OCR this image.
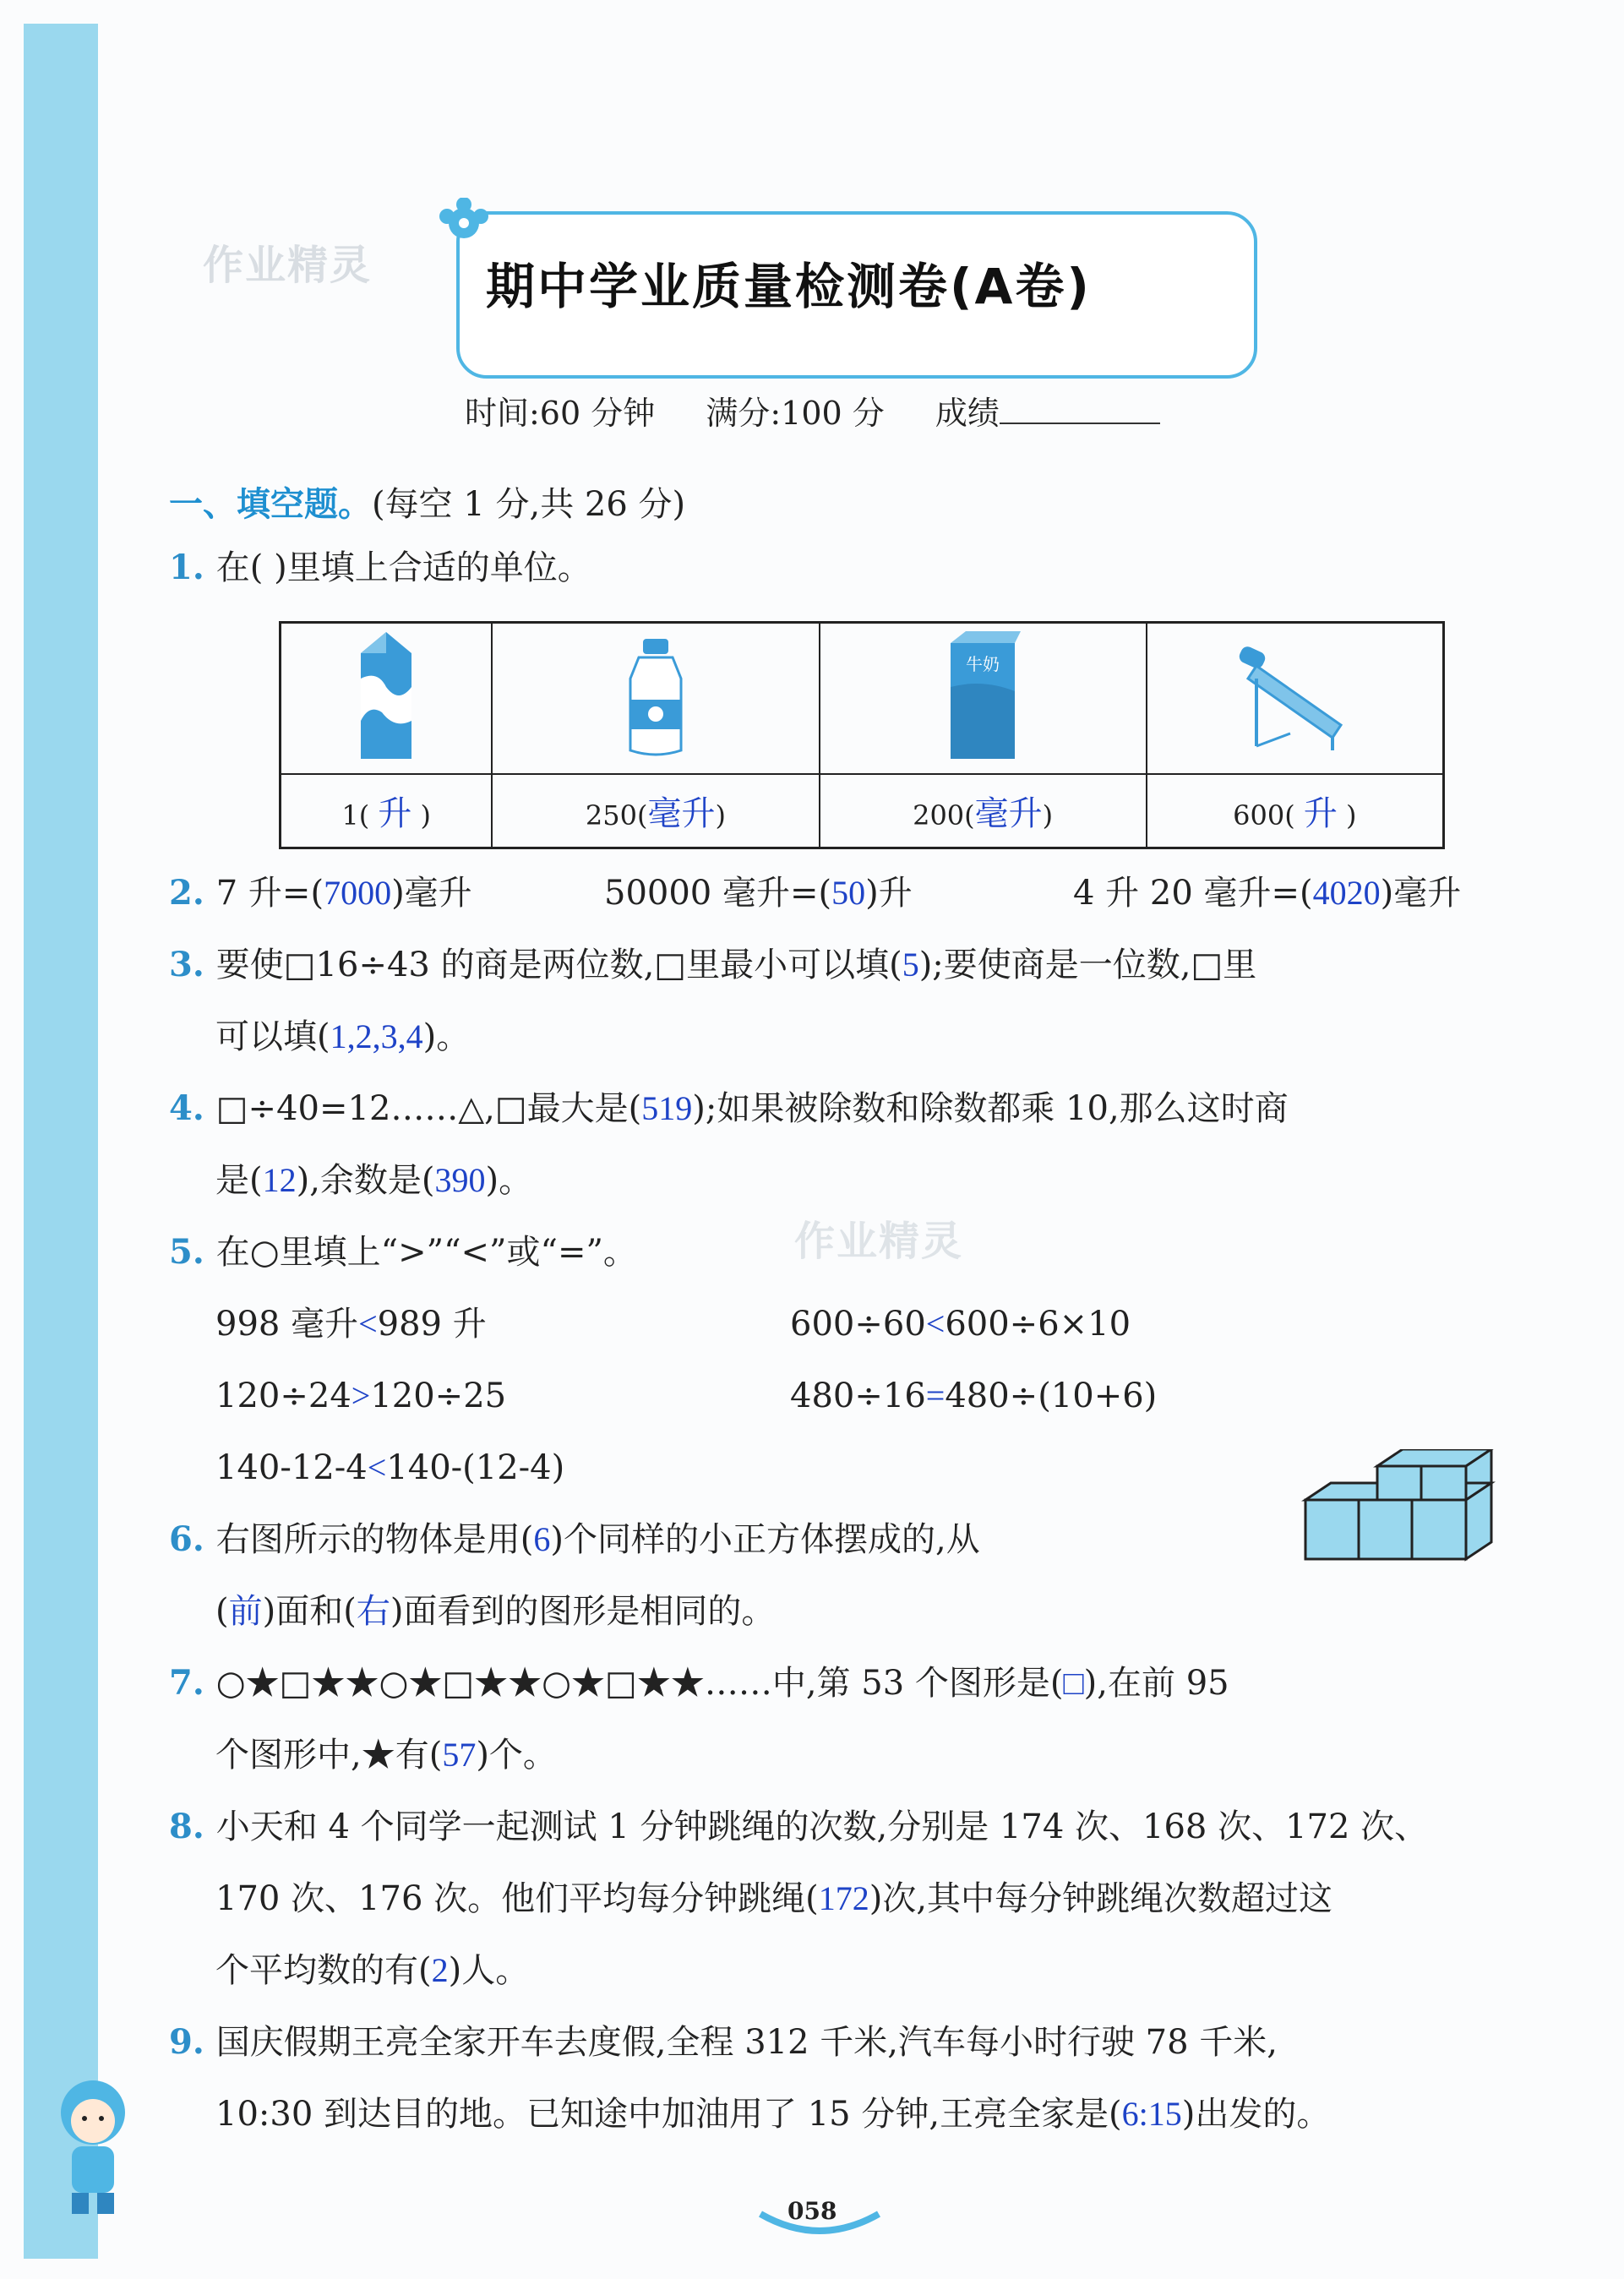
作业精灵
作业精灵
期中学业质量检测卷(A卷)
时间:60 分钟 满分:100 分 成绩
一、填空题。(每空 1 分,共 26 分)
1. 在( )里填上合适的单位。

牛奶

1( 升 )	250(毫升)	200(毫升)	600( 升 )
2. 7 升=(7000)毫升	50000 毫升=(50)升	4 升 20 毫升=(4020)毫升
3. 要使□16÷43 的商是两位数,□里最小可以填(5);要使商是一位数,□里
可以填(1,2,3,4)。
4. □÷40=12……△,□最大是(519);如果被除数和除数都乘 10,那么这时商
是(12),余数是(390)。
5. 在○里填上“>”“<”或“=”。
998 毫升<989 升	600÷60<600÷6×10
120÷24>120÷25	480÷16=480÷(10+6)
140-12-4<140-(12-4)
6. 右图所示的物体是用(6)个同样的小正方体摆成的,从
(前)面和(右)面看到的图形是相同的。
7. ○★□★★○★□★★○★□★★……中,第 53 个图形是(□),在前 95
个图形中,★有(57)个。
8. 小天和 4 个同学一起测试 1 分钟跳绳的次数,分别是 174 次、168 次、172 次、
170 次、176 次。他们平均每分钟跳绳(172)次,其中每分钟跳绳次数超过这
个平均数的有(2)人。
9. 国庆假期王亮全家开车去度假,全程 312 千米,汽车每小时行驶 78 千米,
10:30 到达目的地。已知途中加油用了 15 分钟,王亮全家是(6:15)出发的。
058
